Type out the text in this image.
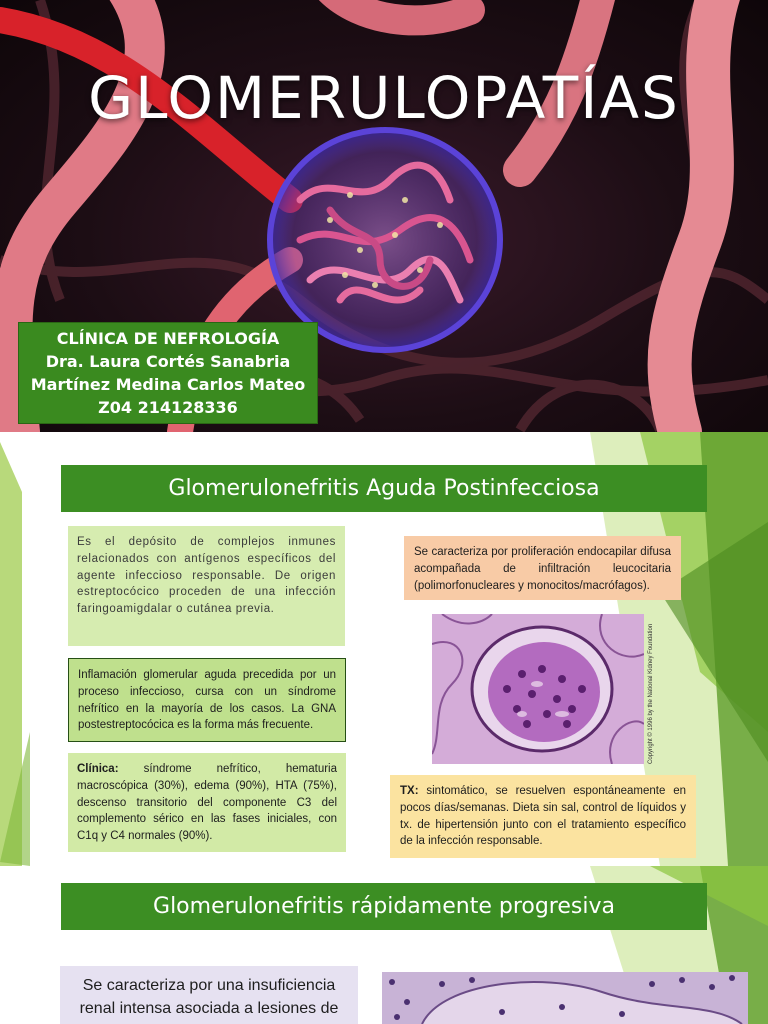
GLOMERULOPATÍAS
CLÍNICA DE NEFROLOGÍA
Dra. Laura Cortés Sanabria
Martínez Medina Carlos Mateo
Z04 214128336
Glomerulonefritis Aguda Postinfecciosa
Es el depósito de complejos inmunes relacionados con antígenos específicos del agente infeccioso responsable. De origen estreptocócico proceden de una infección faringoamigdalar o cutánea previa.
Inflamación glomerular aguda precedida por un proceso infeccioso, cursa con un síndrome nefrítico en la mayoría de los casos. La GNA postestreptocócica es la forma más frecuente.
Clínica: síndrome nefrítico, hematuria macroscópica (30%), edema (90%), HTA (75%), descenso transitorio del componente C3 del complemento sérico en las fases iniciales, con C1q y C4 normales (90%).
Se caracteriza por proliferación endocapilar difusa acompañada de infiltración leucocitaria (polimorfonucleares y monocitos/macrófagos).
Copyright © 1996 by the National Kidney Foundation
TX: sintomático, se resuelven espontáneamente en pocos días/semanas. Dieta sin sal, control de líquidos y tx. de hipertensión junto con el tratamiento específico de la infección responsable.
Glomerulonefritis rápidamente progresiva
Se caracteriza por una insuficiencia renal intensa asociada a lesiones de
